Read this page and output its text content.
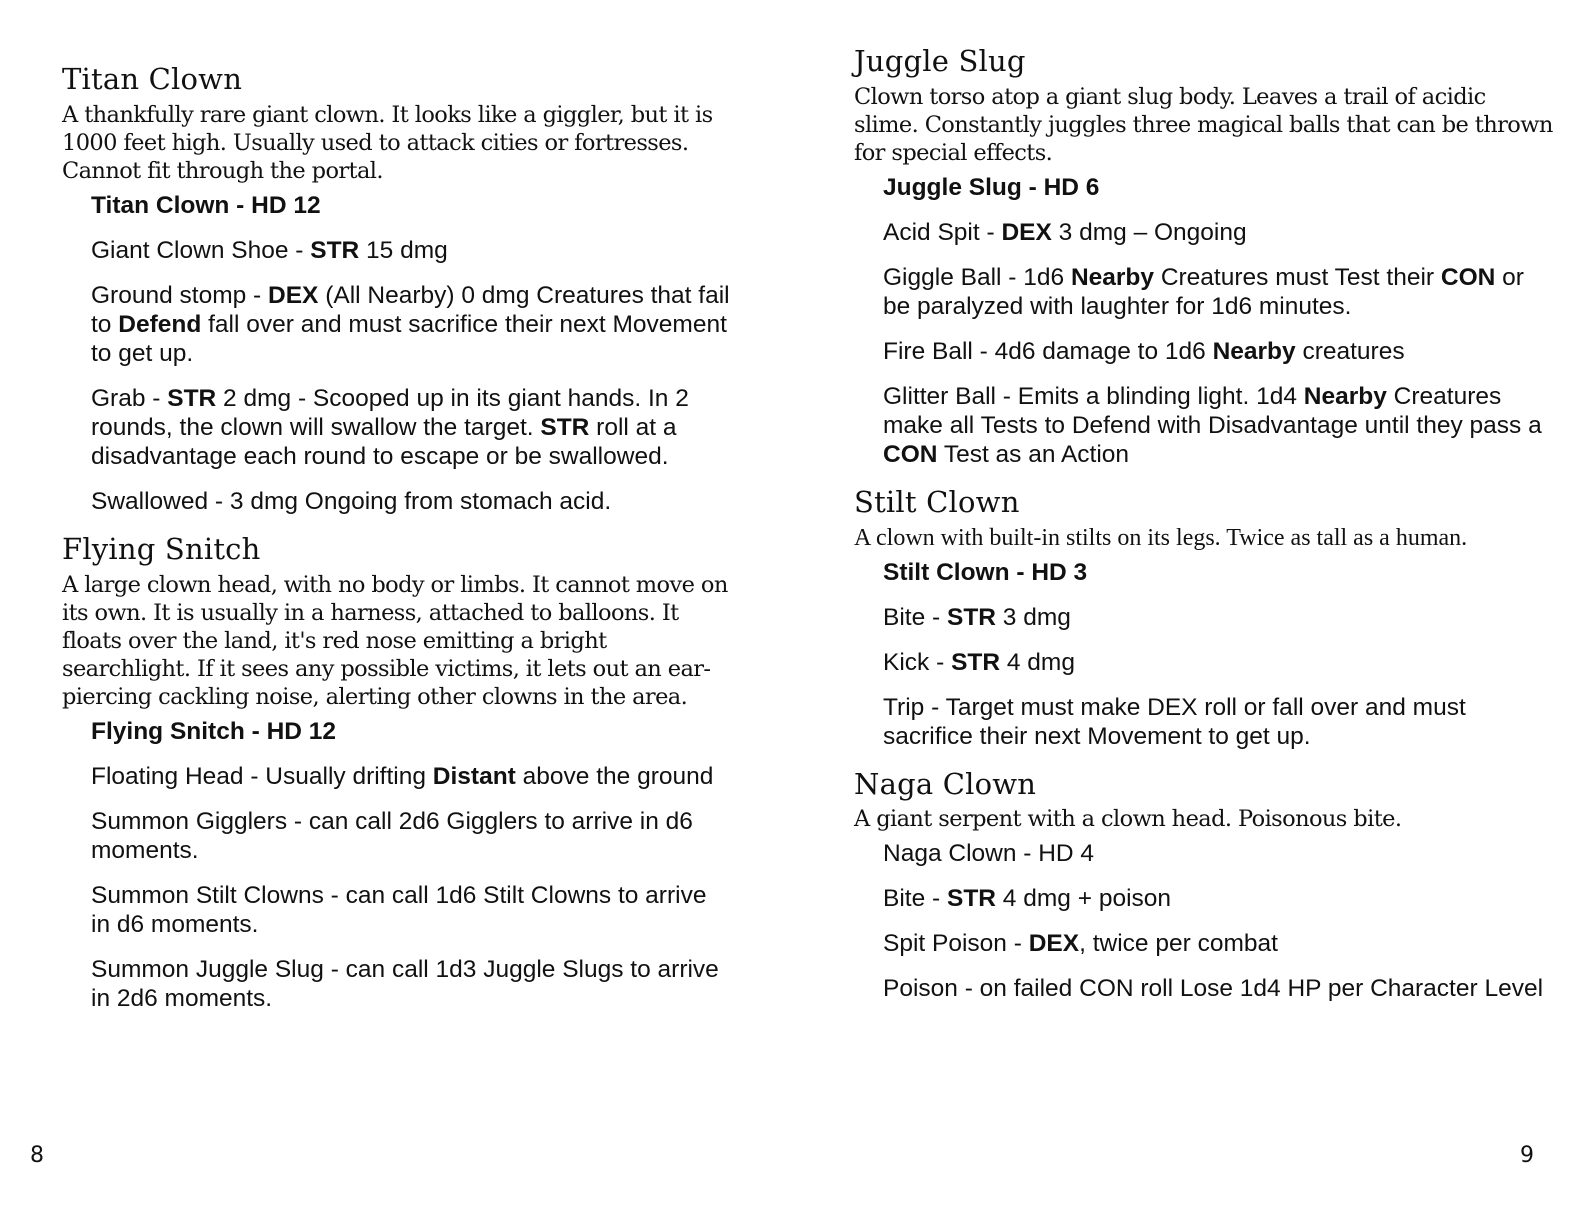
Titan Clown

A thankfully rare giant clown. It looks like a giggler, but it is 1000 feet high. Usually used to attack cities or fortresses. Cannot fit through the portal.

Titan Clown - HD 12
Giant Clown Shoe - STR 15 dmg
Ground stomp - DEX (All Nearby) 0 dmg Creatures that fail to Defend fall over and must sacrifice their next Movement to get up.
Grab - STR 2 dmg - Scooped up in its giant hands. In 2 rounds, the clown will swallow the target. STR roll at a disadvantage each round to escape or be swallowed.
Swallowed - 3 dmg Ongoing from stomach acid.
Flying Snitch

A large clown head, with no body or limbs. It cannot move on its own. It is usually in a harness, attached to balloons. It floats over the land, it's red nose emitting a bright searchlight. If it sees any possible victims, it lets out an ear-piercing cackling noise, alerting other clowns in the area.

Flying Snitch - HD 12
Floating Head - Usually drifting Distant above the ground
Summon Gigglers - can call 2d6 Gigglers to arrive in d6 moments.
Summon Stilt Clowns - can call 1d6 Stilt Clowns to arrive in d6 moments.
Summon Juggle Slug - can call 1d3 Juggle Slugs to arrive in 2d6 moments.
8
Juggle Slug

Clown torso atop a giant slug body. Leaves a trail of acidic slime. Constantly juggles three magical balls that can be thrown for special effects.

Juggle Slug - HD 6
Acid Spit - DEX 3 dmg – Ongoing
Giggle Ball - 1d6 Nearby Creatures must Test their CON or be paralyzed with laughter for 1d6 minutes.
Fire Ball - 4d6 damage to 1d6 Nearby creatures
Glitter Ball - Emits a blinding light. 1d4 Nearby Creatures make all Tests to Defend with Disadvantage until they pass a CON Test as an Action
Stilt Clown

A clown with built-in stilts on its legs. Twice as tall as a human.

Stilt Clown - HD 3
Bite - STR 3 dmg
Kick - STR 4 dmg
Trip - Target must make DEX roll or fall over and must sacrifice their next Movement to get up.
Naga Clown

A giant serpent with a clown head. Poisonous bite.

Naga Clown - HD 4
Bite - STR 4 dmg + poison
Spit Poison - DEX, twice per combat
Poison - on failed CON roll Lose 1d4 HP per Character Level
9
